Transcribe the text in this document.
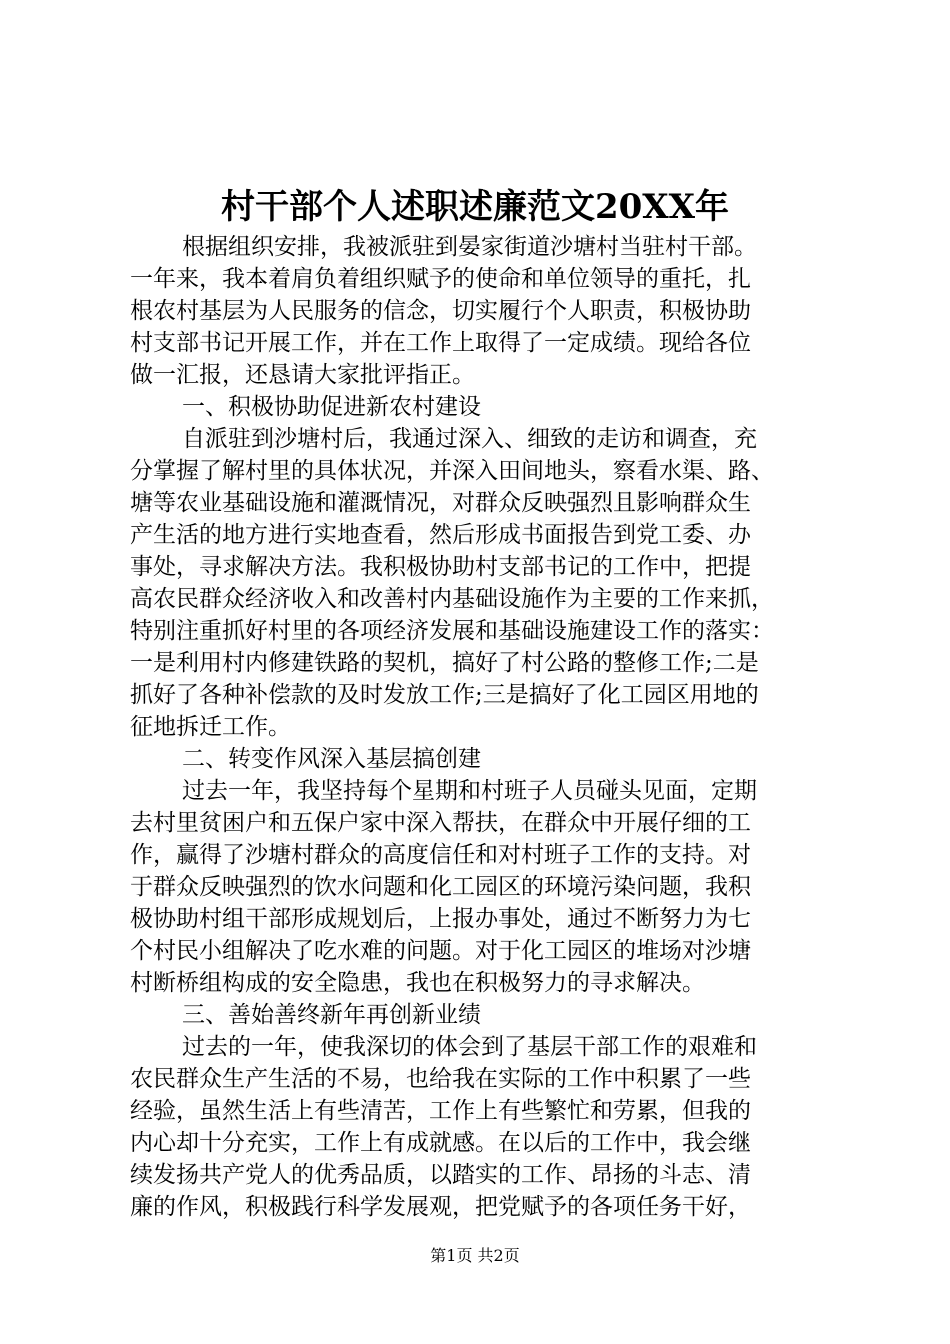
村干部个人述职述廉范文20XX年
根据组织安排，我被派驻到晏家街道沙塘村当驻村干部。
一年来，我本着肩负着组织赋予的使命和单位领导的重托，扎
根农村基层为人民服务的信念，切实履行个人职责，积极协助
村支部书记开展工作，并在工作上取得了一定成绩。现给各位
做一汇报，还恳请大家批评指正。
一、积极协助促进新农村建设
自派驻到沙塘村后，我通过深入、细致的走访和调查，充
分掌握了解村里的具体状况，并深入田间地头，察看水渠、路、
塘等农业基础设施和灌溉情况，对群众反映强烈且影响群众生
产生活的地方进行实地查看，然后形成书面报告到党工委、办
事处，寻求解决方法。我积极协助村支部书记的工作中，把提
高农民群众经济收入和改善村内基础设施作为主要的工作来抓，
特别注重抓好村里的各项经济发展和基础设施建设工作的落实：
一是利用村内修建铁路的契机，搞好了村公路的整修工作;二是
抓好了各种补偿款的及时发放工作;三是搞好了化工园区用地的
征地拆迁工作。
二、转变作风深入基层搞创建
过去一年，我坚持每个星期和村班子人员碰头见面，定期
去村里贫困户和五保户家中深入帮扶，在群众中开展仔细的工
作，赢得了沙塘村群众的高度信任和对村班子工作的支持。对
于群众反映强烈的饮水问题和化工园区的环境污染问题，我积
极协助村组干部形成规划后，上报办事处，通过不断努力为七
个村民小组解决了吃水难的问题。对于化工园区的堆场对沙塘
村断桥组构成的安全隐患，我也在积极努力的寻求解决。
三、善始善终新年再创新业绩
过去的一年，使我深切的体会到了基层干部工作的艰难和
农民群众生产生活的不易，也给我在实际的工作中积累了一些
经验，虽然生活上有些清苦，工作上有些繁忙和劳累，但我的
内心却十分充实，工作上有成就感。在以后的工作中，我会继
续发扬共产党人的优秀品质，以踏实的工作、昂扬的斗志、清
廉的作风，积极践行科学发展观，把党赋予的各项任务干好，
第1页 共2页
